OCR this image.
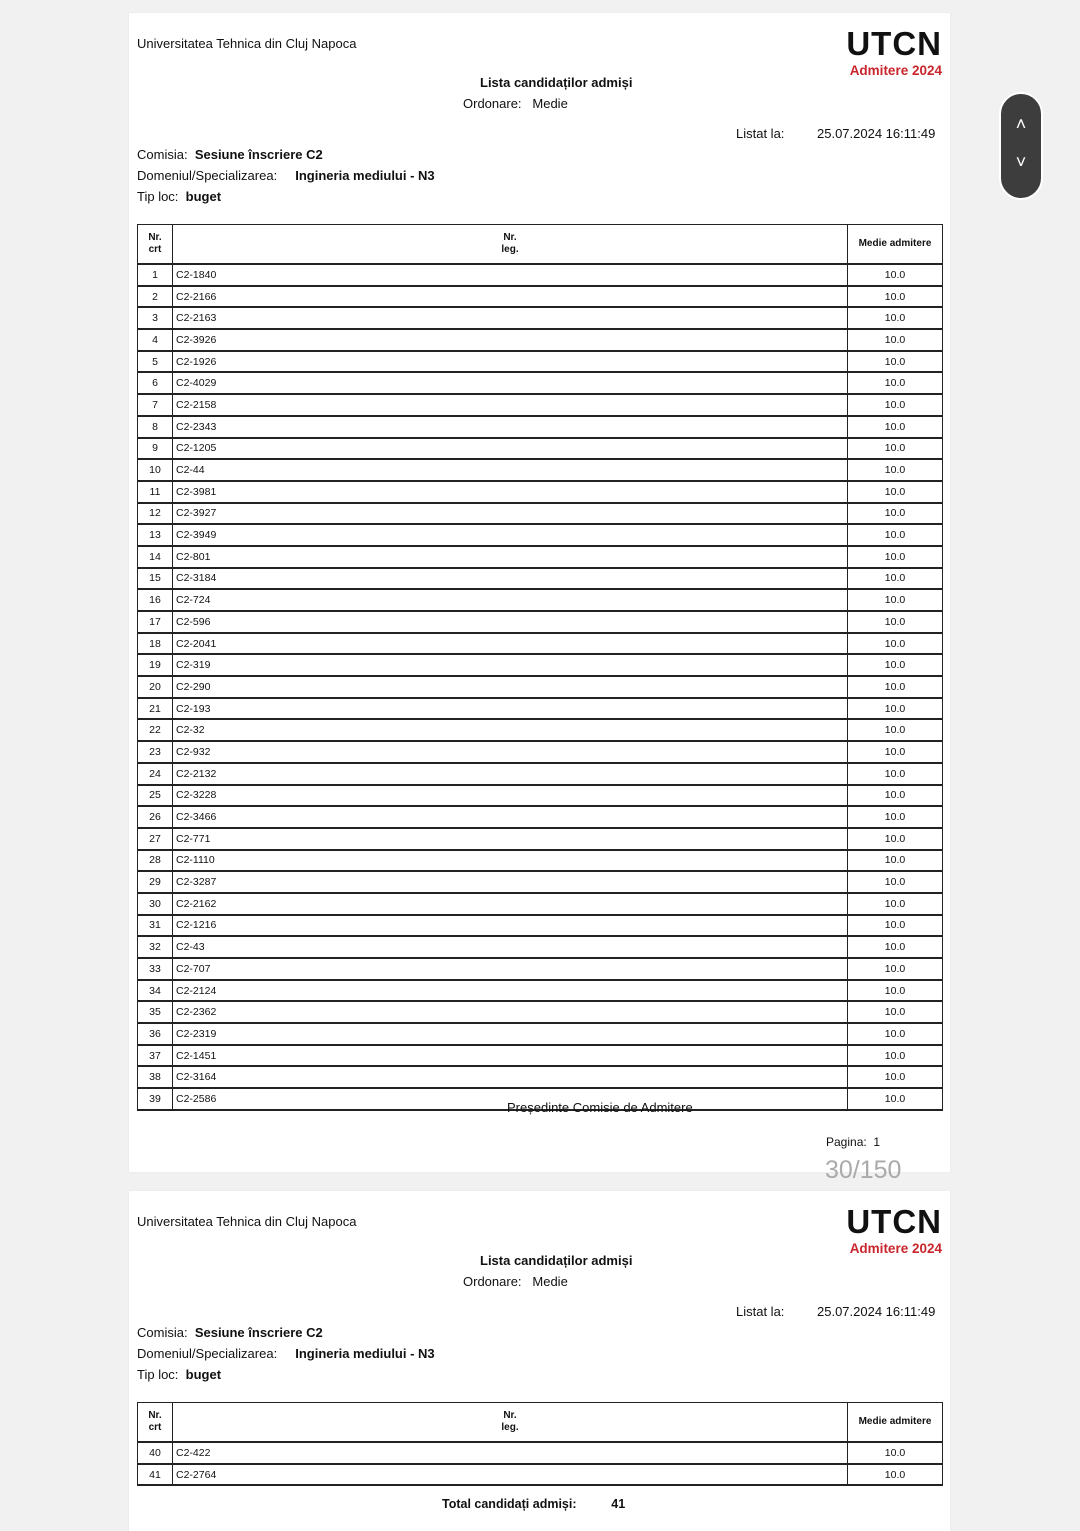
Universitatea Tehnica din Cluj Napoca	UTCN
Admitere 2024
Lista candidaților admiși
Ordonare: Medie
Listat la:	25.07.2024 16:11:49
Comisia: Sesiune înscriere C2
Domeniul/Specializarea: Ingineria mediului - N3
Tip loc: buget
Nr.
crt	Nr.
leg.	Medie admitere
1	C2-1840	10.0
2	C2-2166	10.0
3	C2-2163	10.0
4	C2-3926	10.0
5	C2-1926	10.0
6	C2-4029	10.0
7	C2-2158	10.0
8	C2-2343	10.0
9	C2-1205	10.0
10	C2-44	10.0
11	C2-3981	10.0
12	C2-3927	10.0
13	C2-3949	10.0
14	C2-801	10.0
15	C2-3184	10.0
16	C2-724	10.0
17	C2-596	10.0
18	C2-2041	10.0
19	C2-319	10.0
20	C2-290	10.0
21	C2-193	10.0
22	C2-32	10.0
23	C2-932	10.0
24	C2-2132	10.0
25	C2-3228	10.0
26	C2-3466	10.0
27	C2-771	10.0
28	C2-1110	10.0
29	C2-3287	10.0
30	C2-2162	10.0
31	C2-1216	10.0
32	C2-43	10.0
33	C2-707	10.0
34	C2-2124	10.0
35	C2-2362	10.0
36	C2-2319	10.0
37	C2-1451	10.0
38	C2-3164	10.0
39	C2-2586	10.0
Președinte Comisie de Admitere
Pagina: 1
30/150
Universitatea Tehnica din Cluj Napoca	UTCN
Admitere 2024
Lista candidaților admiși
Ordonare: Medie
Listat la:	25.07.2024 16:11:49
Comisia: Sesiune înscriere C2
Domeniul/Specializarea: Ingineria mediului - N3
Tip loc: buget
Nr.
crt	Nr.
leg.	Medie admitere
40	C2-422	10.0
41	C2-2764	10.0
Total candidați admiși:	41
˄
˅
